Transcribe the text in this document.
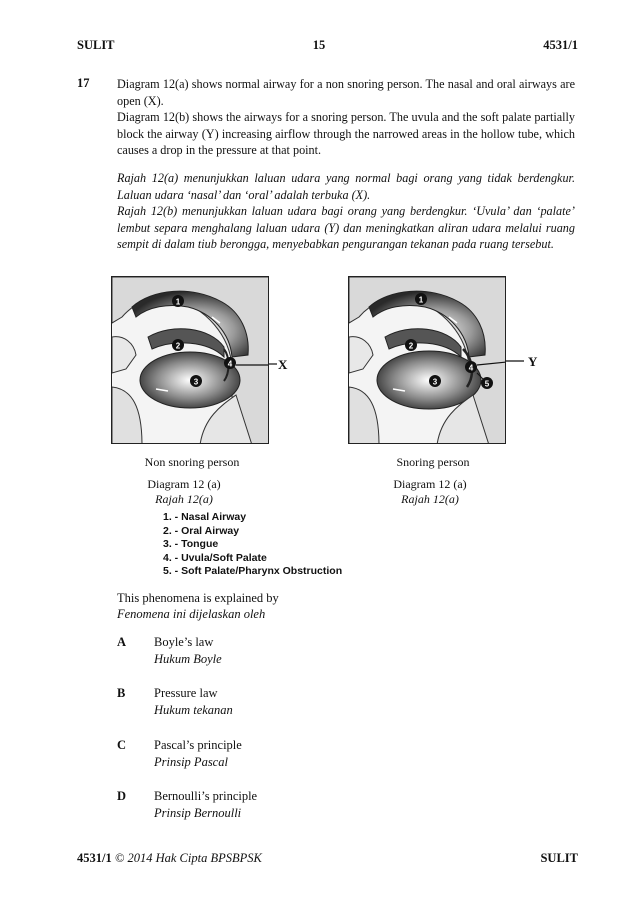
SULIT	15	4531/1
17 Diagram 12(a) shows normal airway for a non snoring person. The nasal and oral airways are open (X).

Diagram 12(b) shows the airways for a snoring person. The uvula and the soft palate partially block the airway (Y) increasing airflow through the narrowed areas in the hollow tube, which causes a drop in the pressure at that point.

Rajah 12(a) menunjukkan laluan udara yang normal bagi orang yang tidak berdengkur. Laluan udara ‘nasal’ dan ‘oral’ adalah terbuka (X).

Rajah 12(b) menunjukkan laluan udara bagi orang yang berdengkur. ‘Uvula’ dan ‘palate’ lembut separa menghalang laluan udara (Y) dan meningkatkan aliran udara melalui ruang sempit di dalam tiub berongga, menyebabkan pengurangan tekanan pada ruang tersebut.

1
2
3
4	X
1
2
3
4
5
Y
Non snoring person	Snoring person
Diagram 12 (a)
Rajah 12(a)
Diagram 12 (a)
Rajah 12(a)
1. - Nasal Airway
2. - Oral Airway
3. - Tongue
4. - Uvula/Soft Palate
5. - Soft Palate/Pharynx Obstruction
This phenomena is explained by
Fenomena ini dijelaskan oleh
A Boyle’s law
Hukum Boyle
B Pressure law
Hukum tekanan
C Pascal’s principle
Prinsip Pascal
D Bernoulli’s principle
Prinsip Bernoulli
4531/1 © 2014 Hak Cipta BPSBPSK	SULIT
